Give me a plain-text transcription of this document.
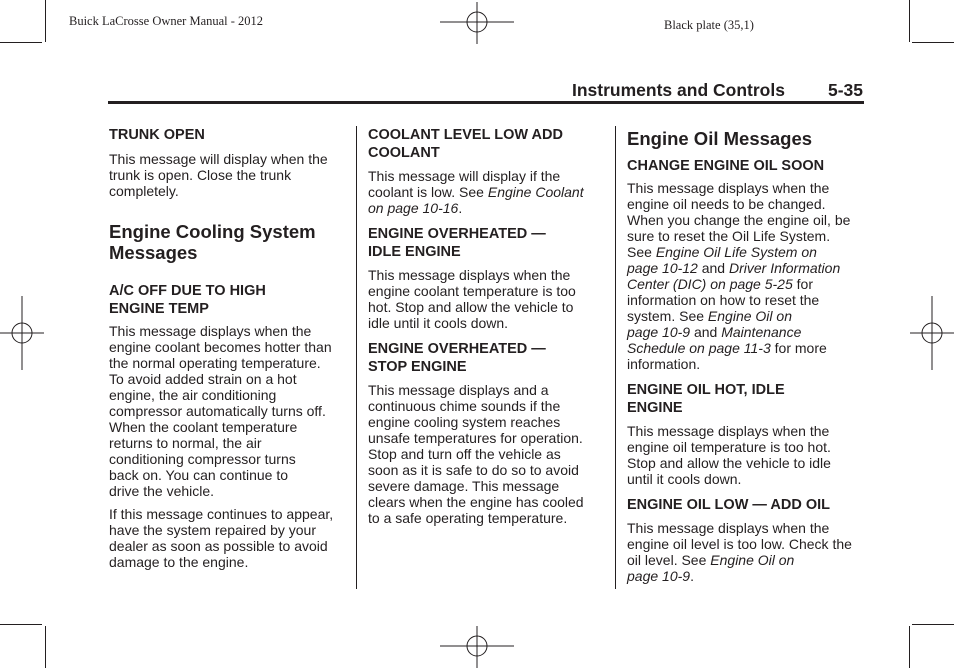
Buick LaCrosse Owner Manual - 2012	Black plate (35,1)
Instruments and Controls 5-35

TRUNK OPEN

This message will display when the
trunk is open. Close the trunk
completely.

Engine Cooling System
Messages

A/C OFF DUE TO HIGH
ENGINE TEMP

This message displays when the
engine coolant becomes hotter than
the normal operating temperature.
To avoid added strain on a hot
engine, the air conditioning
compressor automatically turns off.
When the coolant temperature
returns to normal, the air
conditioning compressor turns
back on. You can continue to
drive the vehicle.

If this message continues to appear,
have the system repaired by your
dealer as soon as possible to avoid
damage to the engine.

COOLANT LEVEL LOW ADD
COOLANT

This message will display if the
coolant is low. See Engine Coolant
on page 10-16.

ENGINE OVERHEATED —
IDLE ENGINE

This message displays when the
engine coolant temperature is too
hot. Stop and allow the vehicle to
idle until it cools down.

ENGINE OVERHEATED —
STOP ENGINE

This message displays and a
continuous chime sounds if the
engine cooling system reaches
unsafe temperatures for operation.
Stop and turn off the vehicle as
soon as it is safe to do so to avoid
severe damage. This message
clears when the engine has cooled
to a safe operating temperature.

Engine Oil Messages

CHANGE ENGINE OIL SOON

This message displays when the
engine oil needs to be changed.
When you change the engine oil, be
sure to reset the Oil Life System.
See Engine Oil Life System on
page 10-12 and Driver Information
Center (DIC) on page 5-25 for
information on how to reset the
system. See Engine Oil on
page 10-9 and Maintenance
Schedule on page 11-3 for more
information.

ENGINE OIL HOT, IDLE
ENGINE

This message displays when the
engine oil temperature is too hot.
Stop and allow the vehicle to idle
until it cools down.

ENGINE OIL LOW — ADD OIL

This message displays when the
engine oil level is too low. Check the
oil level. See Engine Oil on
page 10-9.
